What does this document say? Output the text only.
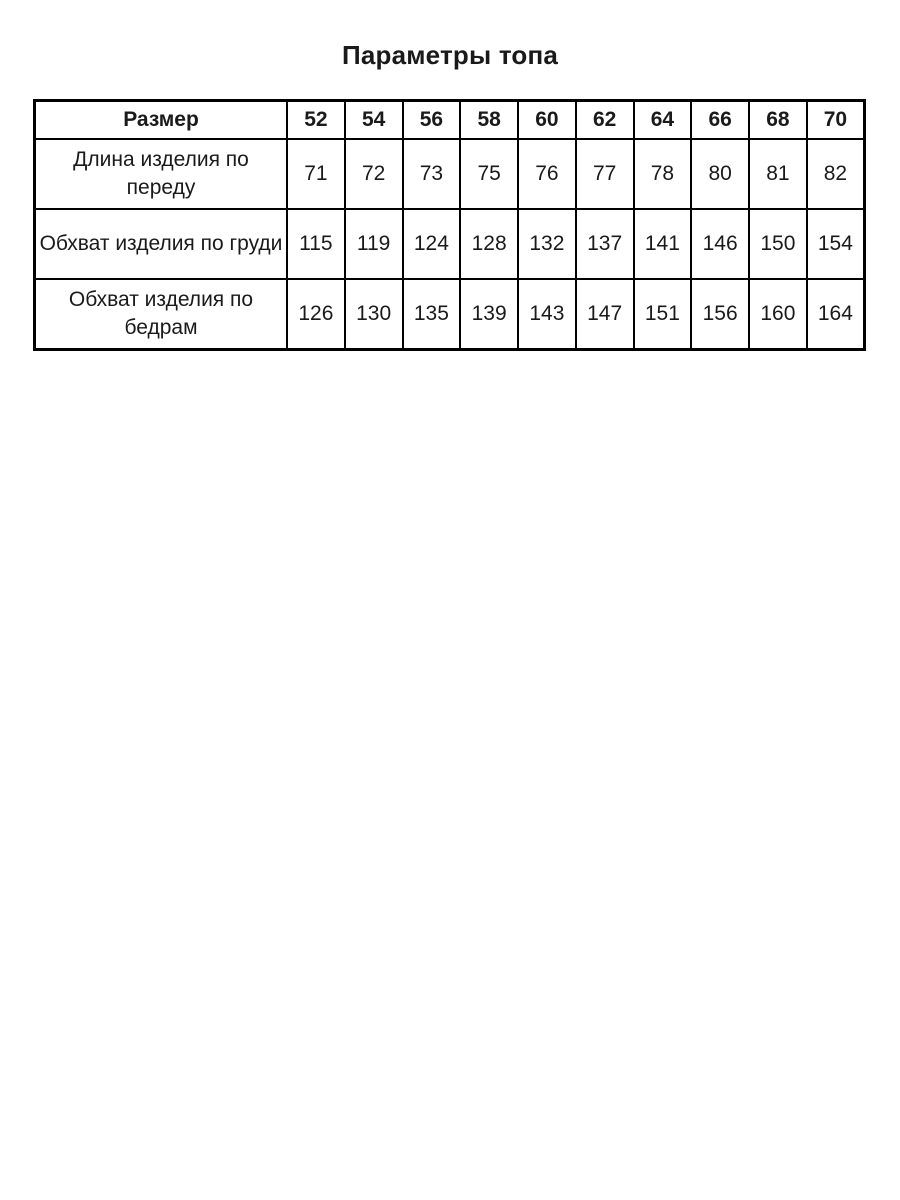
Параметры топа
Размер	52	54	56	58	60	62	64	66	68	70
Длина изделия по переду	71	72	73	75	76	77	78	80	81	82
Обхват изделия по груди	115	119	124	128	132	137	141	146	150	154
Обхват изделия по бедрам	126	130	135	139	143	147	151	156	160	164
